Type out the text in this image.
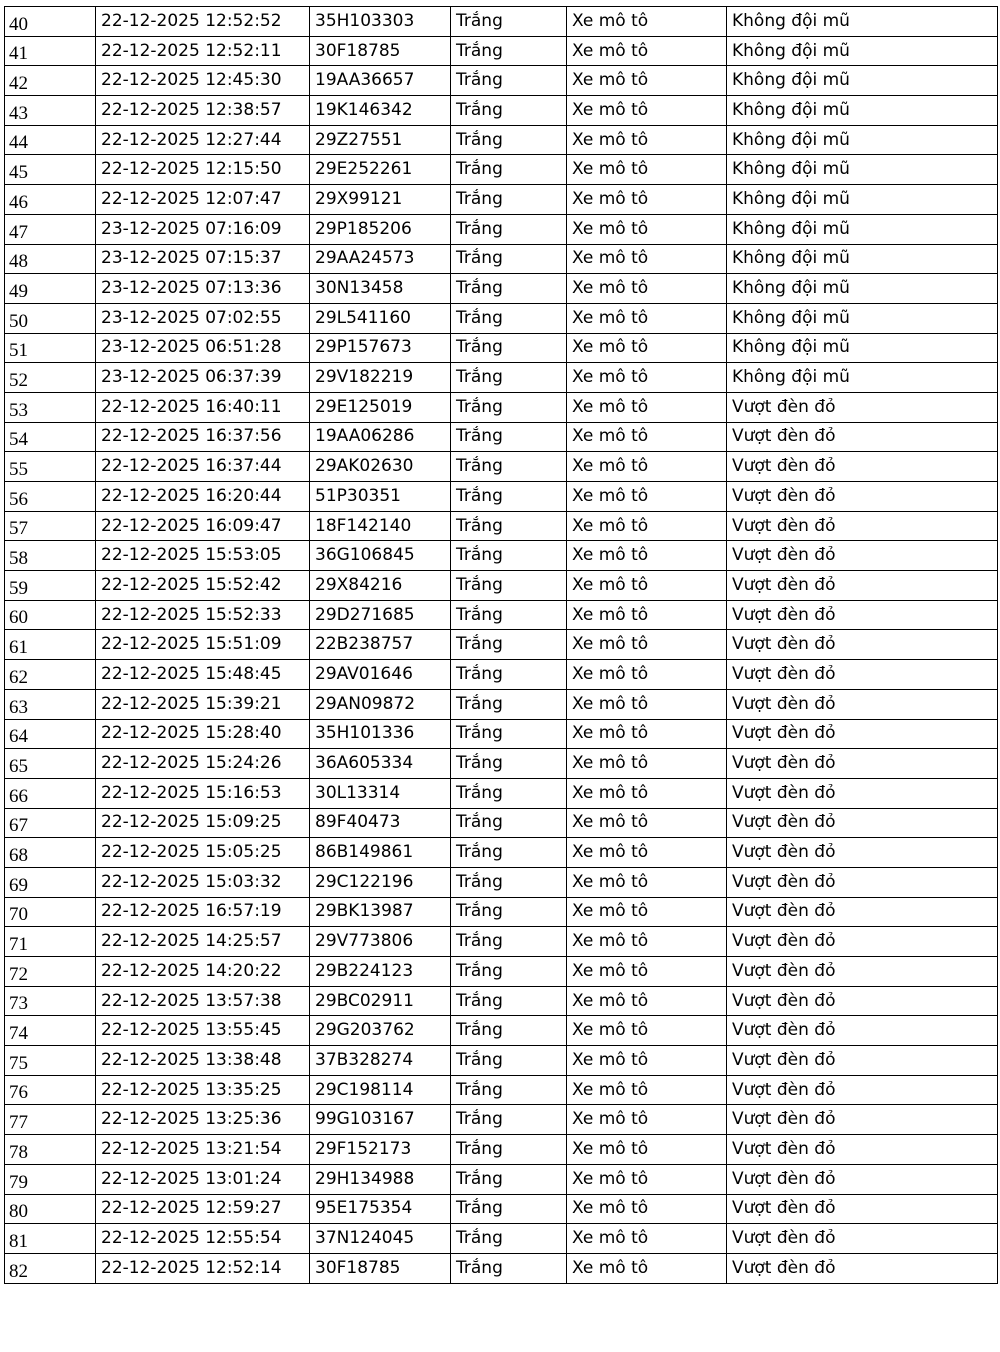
40	22-12-2025 12:52:52	35H103303	Trắng	Xe mô tô	Không đội mũ
41	22-12-2025 12:52:11	30F18785	Trắng	Xe mô tô	Không đội mũ
42	22-12-2025 12:45:30	19AA36657	Trắng	Xe mô tô	Không đội mũ
43	22-12-2025 12:38:57	19K146342	Trắng	Xe mô tô	Không đội mũ
44	22-12-2025 12:27:44	29Z27551	Trắng	Xe mô tô	Không đội mũ
45	22-12-2025 12:15:50	29E252261	Trắng	Xe mô tô	Không đội mũ
46	22-12-2025 12:07:47	29X99121	Trắng	Xe mô tô	Không đội mũ
47	23-12-2025 07:16:09	29P185206	Trắng	Xe mô tô	Không đội mũ
48	23-12-2025 07:15:37	29AA24573	Trắng	Xe mô tô	Không đội mũ
49	23-12-2025 07:13:36	30N13458	Trắng	Xe mô tô	Không đội mũ
50	23-12-2025 07:02:55	29L541160	Trắng	Xe mô tô	Không đội mũ
51	23-12-2025 06:51:28	29P157673	Trắng	Xe mô tô	Không đội mũ
52	23-12-2025 06:37:39	29V182219	Trắng	Xe mô tô	Không đội mũ
53	22-12-2025 16:40:11	29E125019	Trắng	Xe mô tô	Vượt đèn đỏ
54	22-12-2025 16:37:56	19AA06286	Trắng	Xe mô tô	Vượt đèn đỏ
55	22-12-2025 16:37:44	29AK02630	Trắng	Xe mô tô	Vượt đèn đỏ
56	22-12-2025 16:20:44	51P30351	Trắng	Xe mô tô	Vượt đèn đỏ
57	22-12-2025 16:09:47	18F142140	Trắng	Xe mô tô	Vượt đèn đỏ
58	22-12-2025 15:53:05	36G106845	Trắng	Xe mô tô	Vượt đèn đỏ
59	22-12-2025 15:52:42	29X84216	Trắng	Xe mô tô	Vượt đèn đỏ
60	22-12-2025 15:52:33	29D271685	Trắng	Xe mô tô	Vượt đèn đỏ
61	22-12-2025 15:51:09	22B238757	Trắng	Xe mô tô	Vượt đèn đỏ
62	22-12-2025 15:48:45	29AV01646	Trắng	Xe mô tô	Vượt đèn đỏ
63	22-12-2025 15:39:21	29AN09872	Trắng	Xe mô tô	Vượt đèn đỏ
64	22-12-2025 15:28:40	35H101336	Trắng	Xe mô tô	Vượt đèn đỏ
65	22-12-2025 15:24:26	36A605334	Trắng	Xe mô tô	Vượt đèn đỏ
66	22-12-2025 15:16:53	30L13314	Trắng	Xe mô tô	Vượt đèn đỏ
67	22-12-2025 15:09:25	89F40473	Trắng	Xe mô tô	Vượt đèn đỏ
68	22-12-2025 15:05:25	86B149861	Trắng	Xe mô tô	Vượt đèn đỏ
69	22-12-2025 15:03:32	29C122196	Trắng	Xe mô tô	Vượt đèn đỏ
70	22-12-2025 16:57:19	29BK13987	Trắng	Xe mô tô	Vượt đèn đỏ
71	22-12-2025 14:25:57	29V773806	Trắng	Xe mô tô	Vượt đèn đỏ
72	22-12-2025 14:20:22	29B224123	Trắng	Xe mô tô	Vượt đèn đỏ
73	22-12-2025 13:57:38	29BC02911	Trắng	Xe mô tô	Vượt đèn đỏ
74	22-12-2025 13:55:45	29G203762	Trắng	Xe mô tô	Vượt đèn đỏ
75	22-12-2025 13:38:48	37B328274	Trắng	Xe mô tô	Vượt đèn đỏ
76	22-12-2025 13:35:25	29C198114	Trắng	Xe mô tô	Vượt đèn đỏ
77	22-12-2025 13:25:36	99G103167	Trắng	Xe mô tô	Vượt đèn đỏ
78	22-12-2025 13:21:54	29F152173	Trắng	Xe mô tô	Vượt đèn đỏ
79	22-12-2025 13:01:24	29H134988	Trắng	Xe mô tô	Vượt đèn đỏ
80	22-12-2025 12:59:27	95E175354	Trắng	Xe mô tô	Vượt đèn đỏ
81	22-12-2025 12:55:54	37N124045	Trắng	Xe mô tô	Vượt đèn đỏ
82	22-12-2025 12:52:14	30F18785	Trắng	Xe mô tô	Vượt đèn đỏ
